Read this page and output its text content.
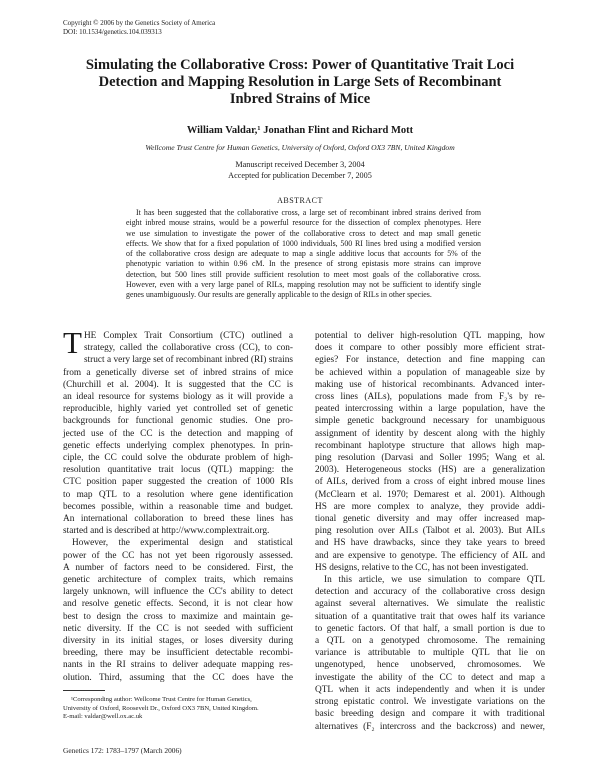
Copyright © 2006 by the Genetics Society of America
DOI: 10.1534/genetics.104.039313
Simulating the Collaborative Cross: Power of Quantitative Trait Loci Detection and Mapping Resolution in Large Sets of Recombinant Inbred Strains of Mice
William Valdar,¹ Jonathan Flint and Richard Mott
Wellcome Trust Centre for Human Genetics, University of Oxford, Oxford OX3 7BN, United Kingdom
Manuscript received December 3, 2004
Accepted for publication December 7, 2005
ABSTRACT
It has been suggested that the collaborative cross, a large set of recombinant inbred strains derived from
eight inbred mouse strains, would be a powerful resource for the dissection of complex phenotypes. Here
we use simulation to investigate the power of the collaborative cross to detect and map small genetic
effects. We show that for a fixed population of 1000 individuals, 500 RI lines bred using a modified version
of the collaborative cross design are adequate to map a single additive locus that accounts for 5% of the
phenotypic variation to within 0.96 cM. In the presence of strong epistasis more strains can improve
detection, but 500 lines still provide sufficient resolution to meet most goals of the collaborative cross.
However, even with a very large panel of RILs, mapping resolution may not be sufficient to identify single
genes unambiguously. Our results are generally applicable to the design of RILs in other species.
T HE Complex Trait Consortium (CTC) outlined a
strategy, called the collaborative cross (CC), to con-
struct a very large set of recombinant inbred (RI) strains
from a genetically diverse set of inbred strains of mice
(Churchill et al. 2004). It is suggested that the CC is
an ideal resource for systems biology as it will provide a
reproducible, highly varied yet controlled set of genetic
backgrounds for functional genomic studies. One pro-
jected use of the CC is the detection and mapping of
genetic effects underlying complex phenotypes. In prin-
ciple, the CC could solve the obdurate problem of high-
resolution quantitative trait locus (QTL) mapping: the
CTC position paper suggested the creation of 1000 RIs
to map QTL to a resolution where gene identification
becomes possible, within a reasonable time and budget.
An international collaboration to breed these lines has
started and is described at http://www.complextrait.org.
However, the experimental design and statistical
power of the CC has not yet been rigorously assessed.
A number of factors need to be considered. First, the
genetic architecture of complex traits, which remains
largely unknown, will influence the CC's ability to detect
and resolve genetic effects. Second, it is not clear how
best to design the cross to maximize and maintain ge-
netic diversity. If the CC is not seeded with sufficient
diversity in its initial stages, or loses diversity during
breeding, there may be insufficient detectable recombi-
nants in the RI strains to deliver adequate mapping res-
olution. Third, assuming that the CC does have the
potential to deliver high-resolution QTL mapping, how
does it compare to other possibly more efficient strat-
egies? For instance, detection and fine mapping can
be achieved within a population of manageable size by
making use of historical recombinants. Advanced inter-
cross lines (AILs), populations made from F₂'s by re-
peated intercrossing within a large population, have the
simple genetic background necessary for unambiguous
assignment of identity by descent along with the highly
recombinant haplotype structure that allows high map-
ping resolution (Darvasi and Soller 1995; Wang et al.
2003). Heterogeneous stocks (HS) are a generalization
of AILs, derived from a cross of eight inbred mouse lines
(McClearn et al. 1970; Demarest et al. 2001). Although
HS are more complex to analyze, they provide addi-
tional genetic diversity and may offer increased map-
ping resolution over AILs (Talbot et al. 2003). But AILs
and HS have drawbacks, since they take years to breed
and are expensive to genotype. The efficiency of AIL and
HS designs, relative to the CC, has not been investigated.
In this article, we use simulation to compare QTL
detection and accuracy of the collaborative cross design
against several alternatives. We simulate the realistic
situation of a quantitative trait that owes half its variance
to genetic factors. Of that half, a small portion is due to
a QTL on a genotyped chromosome. The remaining
variance is attributable to multiple QTL that lie on
ungenotyped, hence unobserved, chromosomes. We
investigate the ability of the CC to detect and map a
QTL when it acts independently and when it is under
strong epistatic control. We investigate variations on the
basic breeding design and compare it with traditional
alternatives (F₂ intercross and the backcross) and newer,
¹Corresponding author: Wellcome Trust Centre for Human Genetics,
University of Oxford, Roosevelt Dr., Oxford OX3 7BN, United Kingdom.
E-mail: valdar@well.ox.ac.uk
Genetics 172: 1783–1797 (March 2006)
